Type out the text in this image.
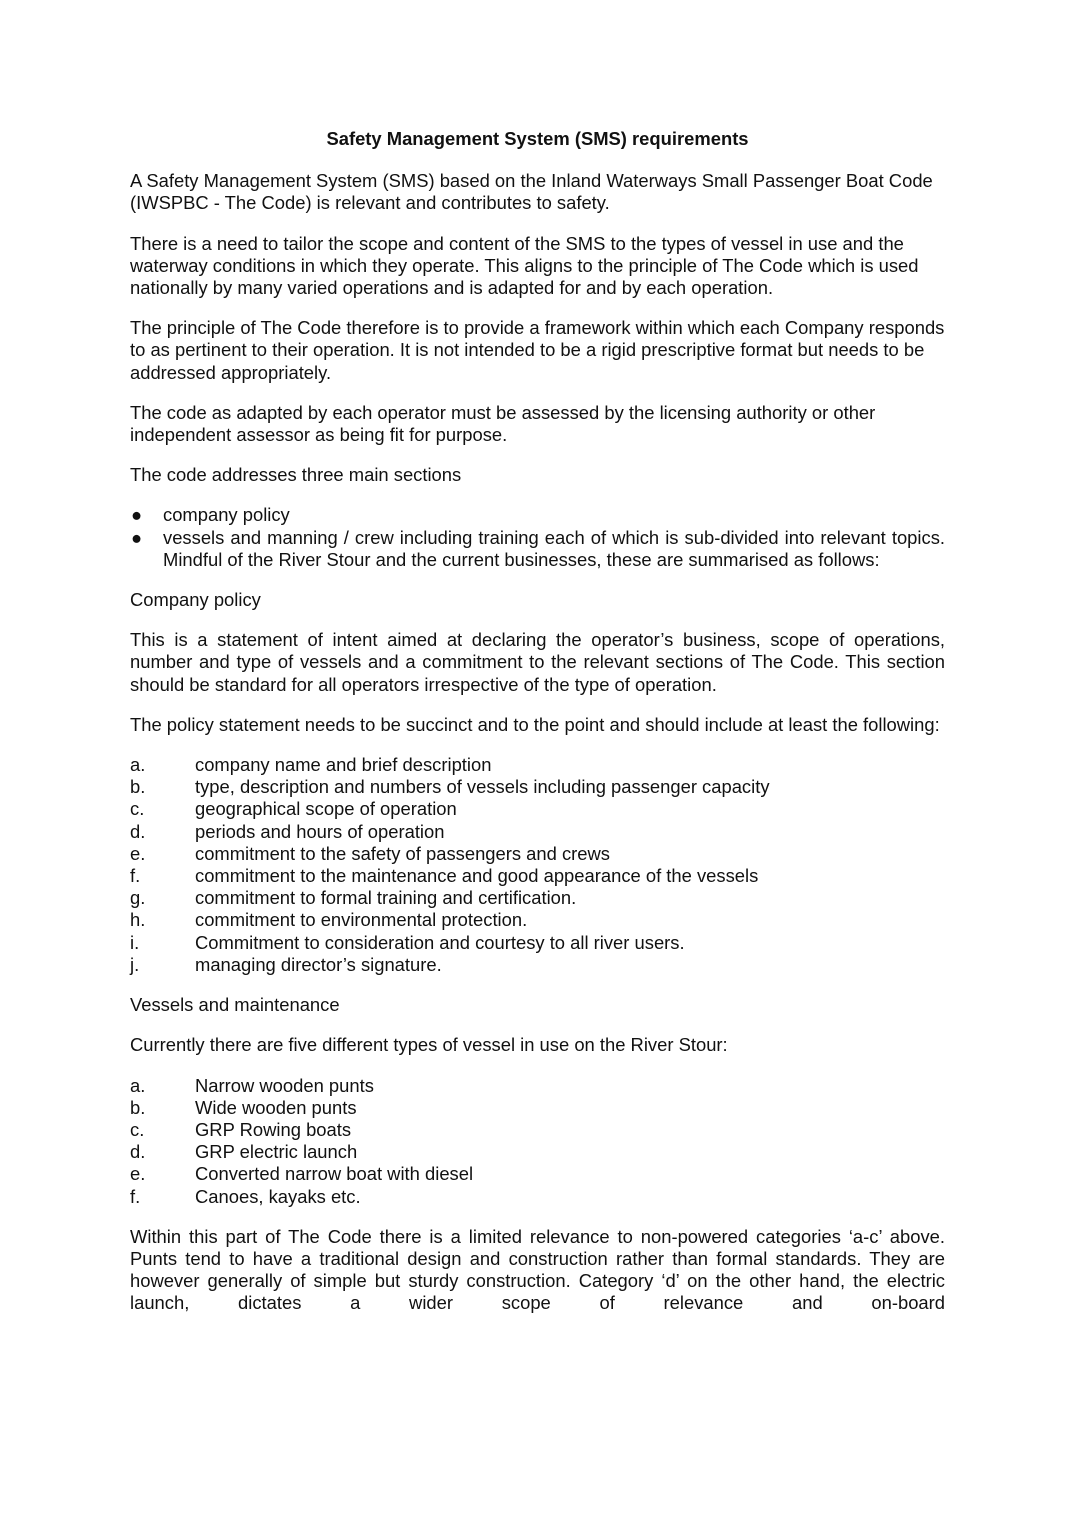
Safety Management System (SMS) requirements

A Safety Management System (SMS) based on the Inland Waterways Small Passenger Boat Code (IWSPBC - The Code) is relevant and contributes to safety.

There is a need to tailor the scope and content of the SMS to the types of vessel in use and the waterway conditions in which they operate. This aligns to the principle of The Code which is used nationally by many varied operations and is adapted for and by each operation.

The principle of The Code therefore is to provide a framework within which each Company responds to as pertinent to their operation. It is not intended to be a rigid prescriptive format but needs to be addressed appropriately.

The code as adapted by each operator must be assessed by the licensing authority or other independent assessor as being fit for purpose.

The code addresses three main sections

● company policy
● vessels and manning / crew including training each of which is sub-divided into relevant topics. Mindful of the River Stour and the current businesses, these are summarised as follows:

Company policy

This is a statement of intent aimed at declaring the operator’s business, scope of operations, number and type of vessels and a commitment to the relevant sections of The Code. This section should be standard for all operators irrespective of the type of operation.

The policy statement needs to be succinct and to the point and should include at least the following:

a.	company name and brief description
b.	type, description and numbers of vessels including passenger capacity
c.	geographical scope of operation
d.	periods and hours of operation
e.	commitment to the safety of passengers and crews
f.	commitment to the maintenance and good appearance of the vessels
g.	commitment to formal training and certification.
h.	commitment to environmental protection.
i.	Commitment to consideration and courtesy to all river users.
j.	managing director’s signature.

Vessels and maintenance

Currently there are five different types of vessel in use on the River Stour:

a.	Narrow wooden punts
b.	Wide wooden punts
c.	GRP Rowing boats
d.	GRP electric launch
e.	Converted narrow boat with diesel
f.	Canoes, kayaks etc.

Within this part of The Code there is a limited relevance to non-powered categories ‘a-c’ above. Punts tend to have a traditional design and construction rather than formal standards. They are however generally of simple but sturdy construction. Category ‘d’ on the other hand, the electric launch, dictates a wider scope of relevance and on-board
